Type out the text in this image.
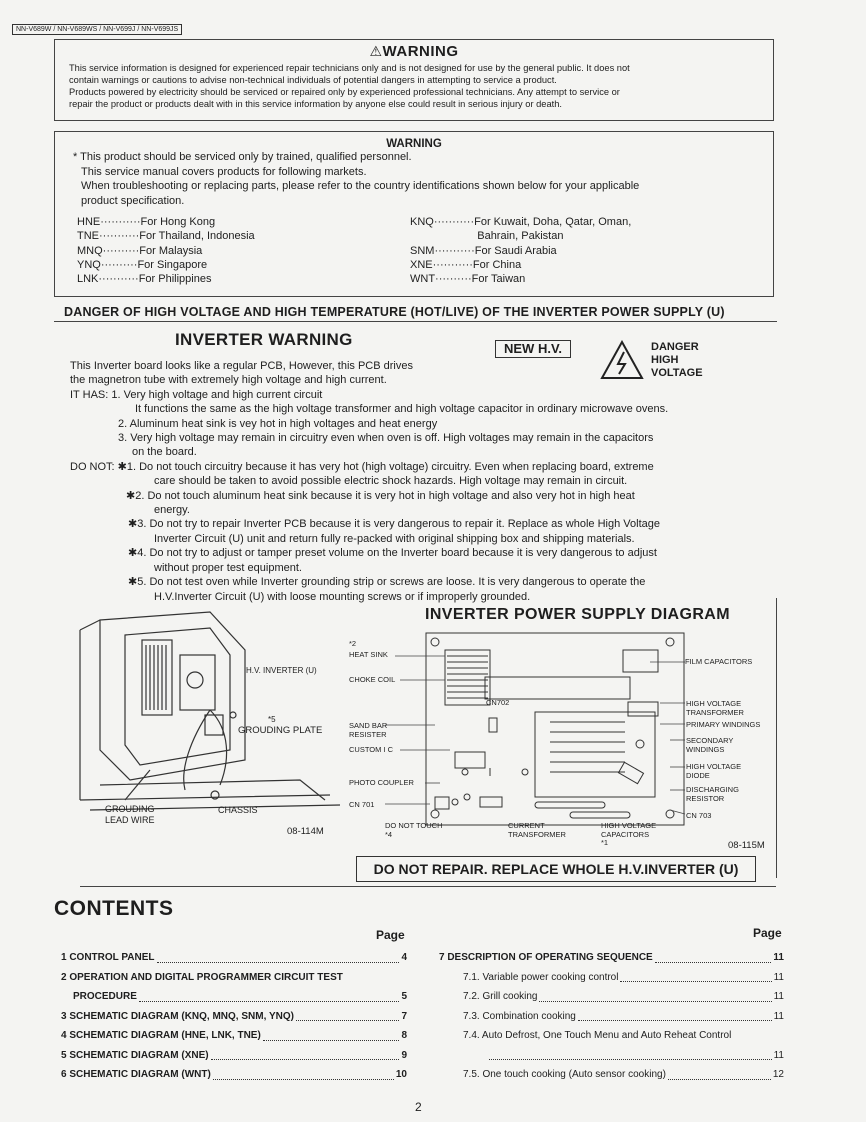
NN-V689W / NN-V689WS / NN-V699J / NN-V699JS
⚠WARNING
This service information is designed for experienced repair technicians only and is not designed for use by the general public. It does not
contain warnings or cautions to advise non-technical individuals of potential dangers in attempting to service a product.
Products powered by electricity should be serviced or repaired only by experienced professional technicians. Any attempt to service or
repair the product or products dealt with in this service information by anyone else could result in serious injury or death.
WARNING
* This product should be serviced only by trained, qualified personnel.
This service manual covers products for following markets.
When troubleshooting or replacing parts, please refer to the country identifications shown below for your applicable
product specification.
HNE···········For Hong Kong
TNE···········For Thailand, Indonesia
MNQ··········For Malaysia
YNQ··········For Singapore
LNK···········For Philippines
KNQ···········For Kuwait, Doha, Qatar, Oman,
Bahrain, Pakistan
SNM···········For Saudi Arabia
XNE···········For China
WNT··········For Taiwan
DANGER OF HIGH VOLTAGE AND HIGH TEMPERATURE (HOT/LIVE) OF THE INVERTER POWER SUPPLY (U)
INVERTER WARNING	NEW H.V.	DANGER
HIGH
VOLTAGE
This Inverter board looks like a regular PCB, However, this PCB drives
the magnetron tube with extremely high voltage and high current.
IT HAS: 1. Very high voltage and high current circuit
It functions the same as the high voltage transformer and high voltage capacitor in ordinary microwave ovens.
2. Aluminum heat sink is vey hot in high voltages and heat energy
3. Very high voltage may remain in circuitry even when oven is off. High voltages may remain in the capacitors
on the board.
DO NOT: ✱1. Do not touch circuitry because it has very hot (high voltage) circuitry. Even when replacing board, extreme
care should be taken to avoid possible electric shock hazards. High voltage may remain in circuit.
✱2. Do not touch aluminum heat sink because it is very hot in high voltage and also very hot in high heat
energy.
✱3. Do not try to repair Inverter PCB because it is very dangerous to repair it. Replace as whole High Voltage
Inverter Circuit (U) unit and return fully re-packed with original shipping box and shipping materials.
✱4. Do not try to adjust or tamper preset volume on the Inverter board because it is very dangerous to adjust
without proper test equipment.
✱5. Do not test oven while Inverter grounding strip or screws are loose. It is very dangerous to operate the
H.V.Inverter Circuit (U) with loose mounting screws or if improperly grounded.
H.V. INVERTER (U)
*5
GROUDING PLATE
GROUDING
LEAD WIRE
CHASSIS
08-114M
INVERTER POWER SUPPLY DIAGRAM
*2
HEAT SINK
CHOKE COIL
CN702
SAND BAR
RESISTER
CUSTOM I C
PHOTO COUPLER
CN 701
DO NOT TOUCH
*4
CURRENT
TRANSFORMER
HIGH VOLTAGE
CAPACITORS
*1
FILM CAPACITORS
HIGH VOLTAGE
TRANSFORMER
PRIMARY WINDINGS
SECONDARY
WINDINGS
HIGH VOLTAGE
DIODE
DISCHARGING
RESISTOR
CN 703
08-115M
DO NOT REPAIR. REPLACE WHOLE H.V.INVERTER (U)
CONTENTS
Page	Page
1 CONTROL PANEL	4
2 OPERATION AND DIGITAL PROGRAMMER CIRCUIT TEST
PROCEDURE	5
3 SCHEMATIC DIAGRAM (KNQ, MNQ, SNM, YNQ)	7
4 SCHEMATIC DIAGRAM (HNE, LNK, TNE)	8
5 SCHEMATIC DIAGRAM (XNE)	9
6 SCHEMATIC DIAGRAM (WNT)	10
7 DESCRIPTION OF OPERATING SEQUENCE	11
7.1. Variable power cooking control	11
7.2. Grill cooking	11
7.3. Combination cooking	11
7.4. Auto Defrost, One Touch Menu and Auto Reheat Control
11
7.5. One touch cooking (Auto sensor cooking)	12
2
